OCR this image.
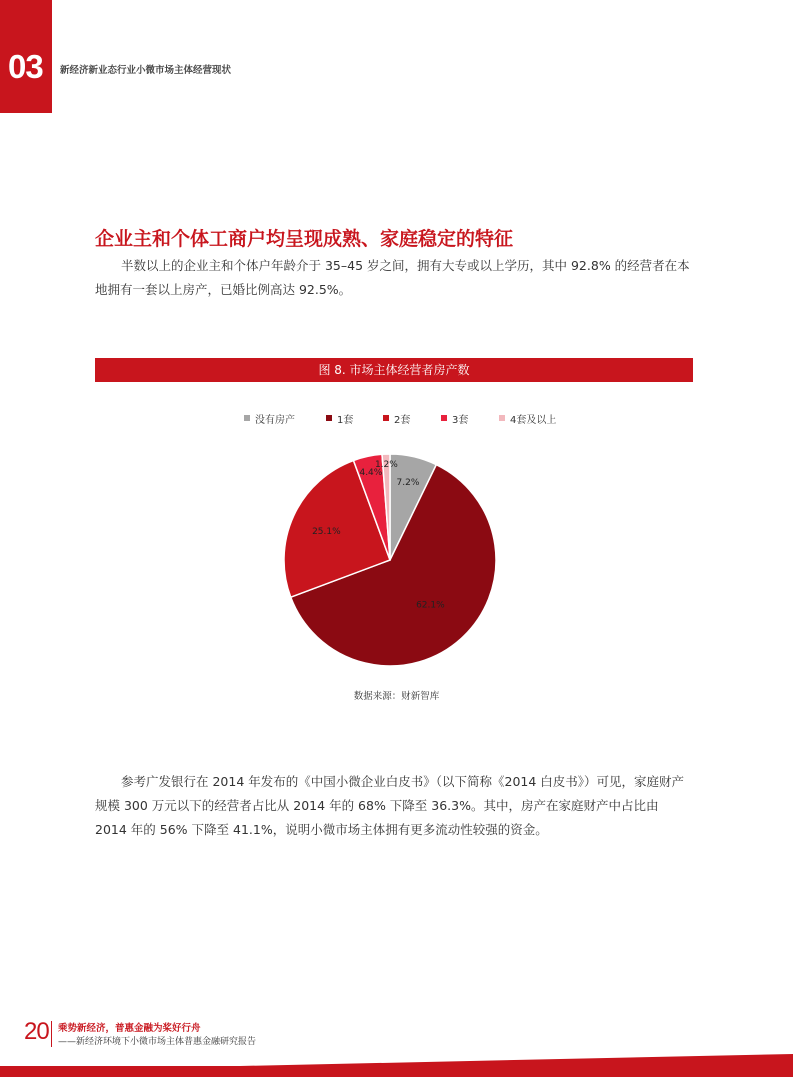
03 新经济新业态行业小微市场主体经营现状
企业主和个体工商户均呈现成熟、家庭稳定的特征

半数以上的企业主和个体户年龄介于 35–45 岁之间，拥有大专或以上学历，其中 92.8% 的经营者在本地拥有一套以上房产，已婚比例高达 92.5%。

图 8. 市场主体经营者房产数
没有房产	1套	2套	3套	4套及以上
7.2%
62.1%
25.1%
4.4%
1.2%
数据来源：财新智库

参考广发银行在 2014 年发布的《中国小微企业白皮书》（以下简称《2014 白皮书》）可见，家庭财产规模 300 万元以下的经营者占比从 2014 年的 68% 下降至 36.3%。其中，房产在家庭财产中占比由 2014 年的 56% 下降至 41.1%，说明小微市场主体拥有更多流动性较强的资金。

20 乘势新经济，普惠金融为桨好行舟
——新经济环境下小微市场主体普惠金融研究报告
